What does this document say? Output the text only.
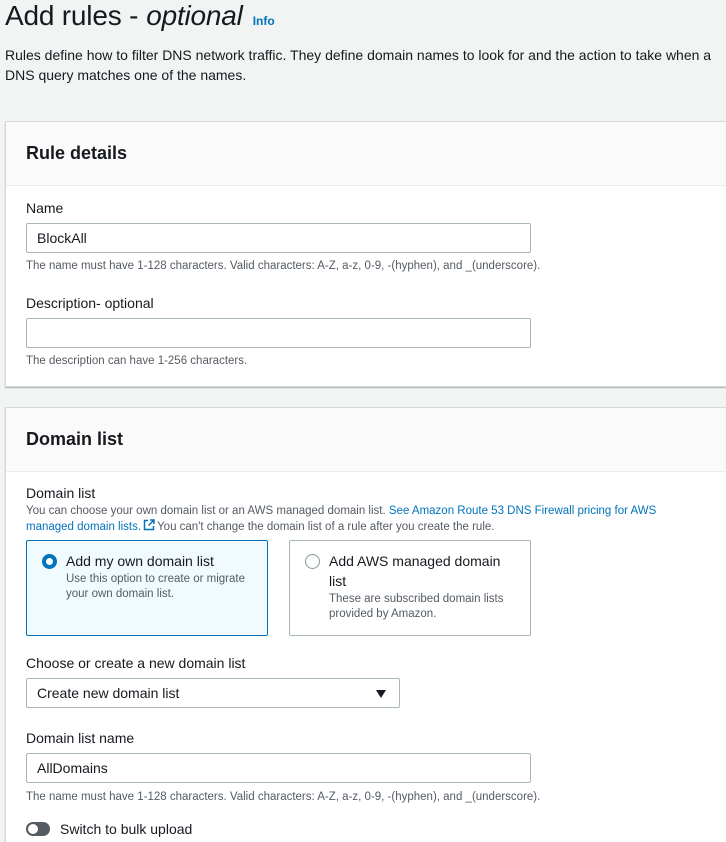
Add rules - optional Info
Rules define how to filter DNS network traffic. They define domain names to look for and the action to take when a DNS query matches one of the names.
Rule details
Name
BlockAll
The name must have 1-128 characters. Valid characters: A-Z, a-z, 0-9, -(hyphen), and _(underscore).
Description- optional
The description can have 1-256 characters.
Domain list
Domain list
You can choose your own domain list or an AWS managed domain list. See Amazon Route 53 DNS Firewall pricing for AWS managed domain lists. You can't change the domain list of a rule after you create the rule.
Add my own domain list
Use this option to create or migrate your own domain list.
Add AWS managed domain list
These are subscribed domain lists provided by Amazon.
Choose or create a new domain list
Create new domain list
Domain list name
AllDomains
The name must have 1-128 characters. Valid characters: A-Z, a-z, 0-9, -(hyphen), and _(underscore).
Switch to bulk upload
